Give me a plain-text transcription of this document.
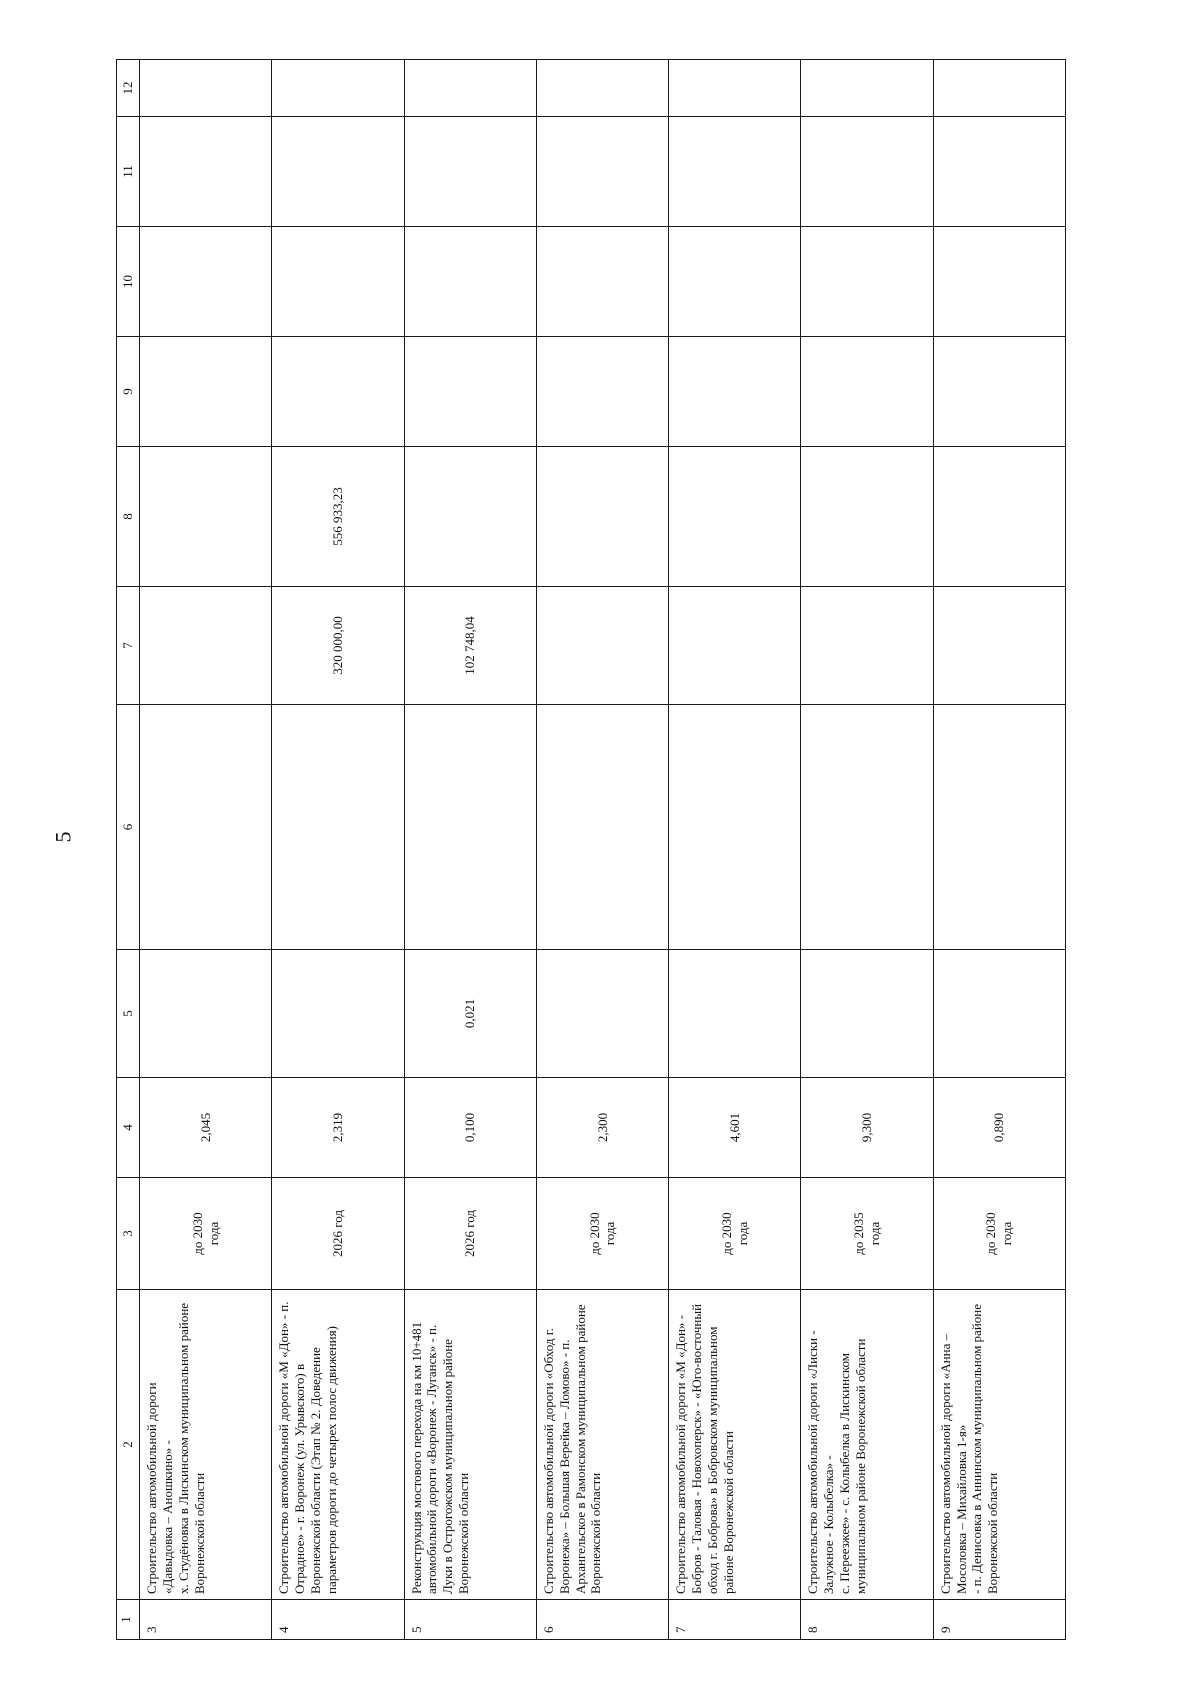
5
1	2	3	4	5	6	7	8	9	10	11	12
3	Строительство автомобильной дороги
«Давыдовка – Аношкино» -
х. Студёновка в Лискинском муниципальном районе Воронежской области	до 2030
года	2,045								
4	Строительство автомобильной дороги «М «Дон» - п. Отрадное» - г. Воронеж (ул. Урывского) в Воронежской области (Этап № 2. Доведение параметров дороги до четырех полос движения)	2026 год	2,319			320 000,00	556 933,23				
5	Реконструкция мостового перехода на км 10+481 автомобильной дороги «Воронеж - Луганск» - п. Луки в Острогожском муниципальном районе Воронежской области	2026 год	0,100	0,021		102 748,04					
6	Строительство автомобильной дороги «Обход г. Воронежа» – Большая Верейка – Ломово» - п. Архангельское в Рамонском муниципальном районе Воронежской области	до 2030
года	2,300								
7	Строительство автомобильной дороги «М «Дон» - Бобров - Таловая - Новохоперск» - «Юго-восточный обход г. Боброва» в Бобровском муниципальном районе Воронежской области	до 2030
года	4,601								
8	Строительство автомобильной дороги «Лиски - Залужное - Колыбелка» -
с. Переезжее» - с. Колыбелка в Лискинском муниципальном районе Воронежской области	до 2035
года	9,300								
9	Строительство автомобильной дороги «Анна – Мосоловка – Михайловка 1-я»
- п. Денисовка в Аннинском муниципальном районе Воронежской области	до 2030
года	0,890								
